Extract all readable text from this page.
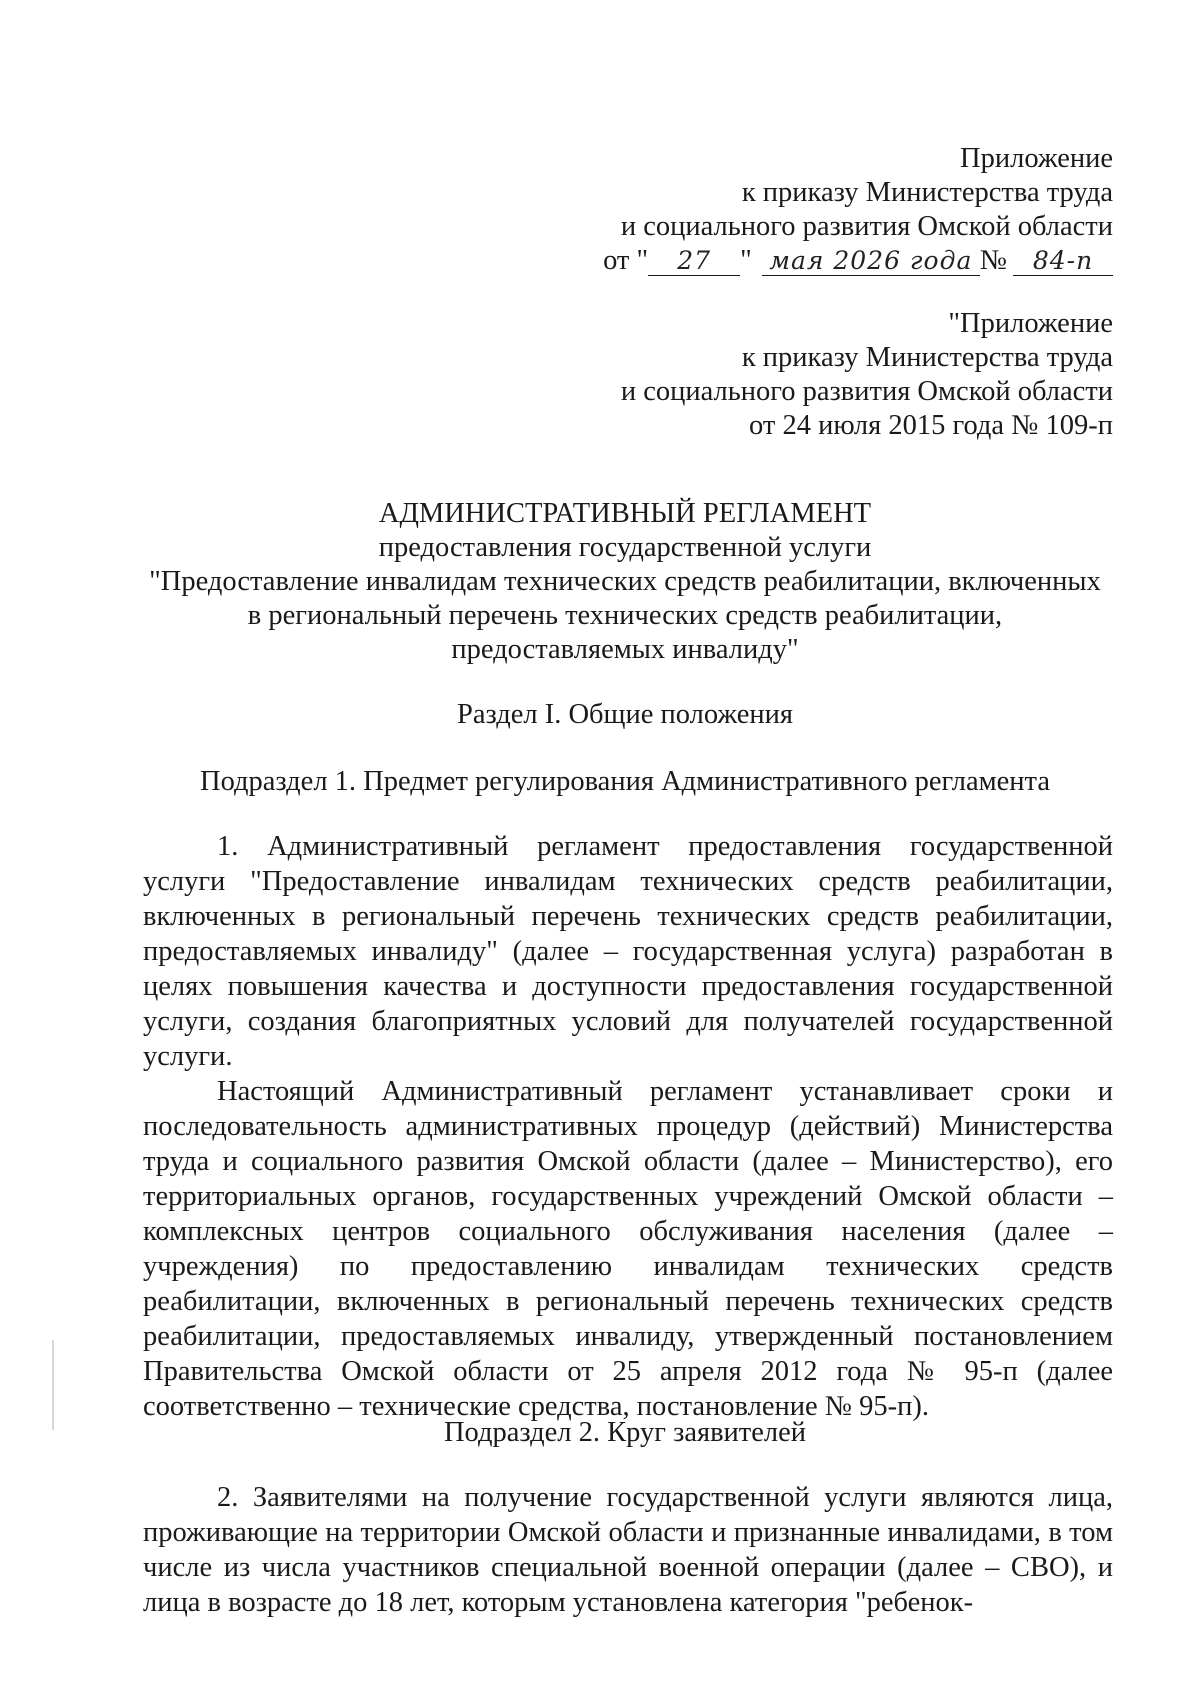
Приложение
к приказу Министерства труда
и социального развития Омской области
от "	27	" мая 2026 года №	84-п
"Приложение
к приказу Министерства труда
и социального развития Омской области
от 24 июля 2015 года № 109-п
АДМИНИСТРАТИВНЫЙ РЕГЛАМЕНТ
предоставления государственной услуги
"Предоставление инвалидам технических средств реабилитации, включенных
в региональный перечень технических средств реабилитации,
предоставляемых инвалиду"
Раздел I. Общие положения
Подраздел 1. Предмет регулирования Административного регламента

1. Административный регламент предоставления государственной услуги "Предоставление инвалидам технических средств реабилитации, включенных в региональный перечень технических средств реабилитации, предоставляемых инвалиду" (далее – государственная услуга) разработан в целях повышения качества и доступности предоставления государственной услуги, создания благоприятных условий для получателей государственной услуги.

Настоящий Административный регламент устанавливает сроки и последовательность административных процедур (действий) Министерства труда и социального развития Омской области (далее – Министерство), его территориальных органов, государственных учреждений Омской области – комплексных центров социального обслуживания населения (далее – учреждения) по предоставлению инвалидам технических средств реабилитации, включенных в региональный перечень технических средств реабилитации, предоставляемых инвалиду, утвержденный постановлением Правительства Омской области от 25 апреля 2012 года № 95-п (далее соответственно – технические средства, постановление № 95-п).

Подраздел 2. Круг заявителей

2. Заявителями на получение государственной услуги являются лица, проживающие на территории Омской области и признанные инвалидами, в том числе из числа участников специальной военной операции (далее – СВО), и лица в возрасте до 18 лет, которым установлена категория "ребенок-
